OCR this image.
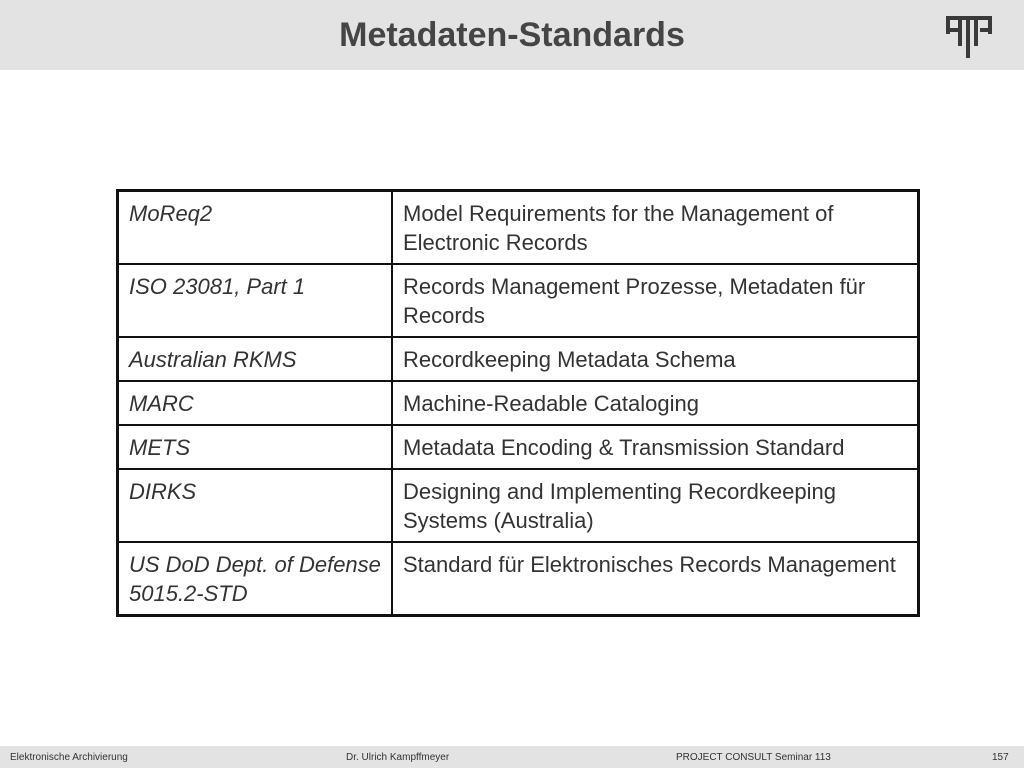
Metadaten-Standards
MoReq2	Model Requirements for the Management of Electronic Records
ISO 23081, Part 1	Records Management Prozesse, Metadaten für Records
Australian RKMS	Recordkeeping Metadata Schema
MARC	Machine-Readable Cataloging
METS	Metadata Encoding & Transmission Standard
DIRKS	Designing and Implementing Recordkeeping Systems (Australia)
US DoD Dept. of Defense 5015.2-STD	Standard für Elektronisches Records Management
Elektronische Archivierung	Dr. Ulrich Kampffmeyer	PROJECT CONSULT Seminar 113	157
